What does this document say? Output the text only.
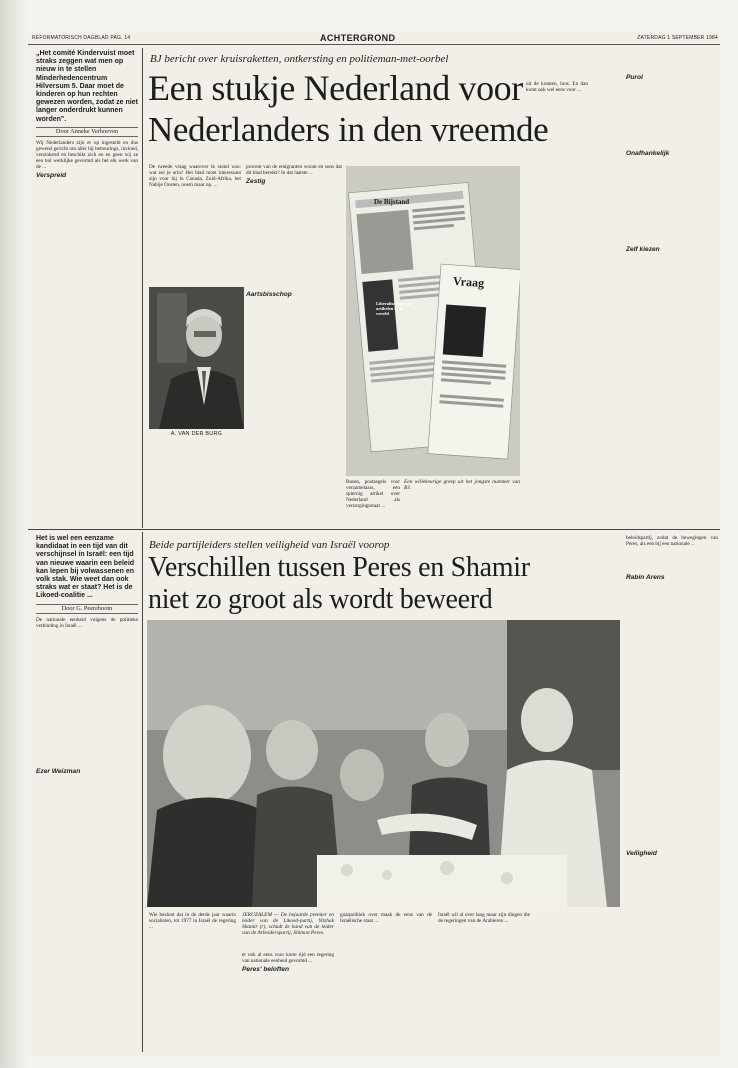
REFORMATORISCH DAGBLAD PAG. 14	ACHTERGROND	ZATERDAG 1 SEPTEMBER 1984
„Het comité Kindervuist moet straks zeggen wat men op nieuw in te stellen Minderhedencentrum Hilversum 5. Daar moet de kinderen op hun rechten gewezen worden, zodat ze niet langer onderdrukt kunnen worden".
Door Anneke Verhoeven

Wij Nederlanders zijn er op ingesteld en dus gewend gericht om aller hij betreurings, invloed, verzinkend en beschikt zich en en geen wij ze een hul werklijke gevormd als het elk werk van de ...

Verspreid
BJ bericht over kruisraketten, ontkersting en politieman-met-oorbel
Een stukje Nederland voor
Nederlanders in den vreemde

De tweede vraag waarover ik stond was: wat zei je erin? Het blad moet interessant zijn voor hij in Canada, Zuid-Afrika, het Nabije Oosten, noem maar op. ...

procent van de emigranten woont en sons dat dit blad bereikt? In dat laatste ...

Zestig
A. VAN DER BURG
Aartsbisschop
De Bijstand
Vraag
Liberalisering van artikelen in de wereld
Een willekeurige greep uit het jongste nummer van BJ.

Rusen, postzegels voor verzamelaars, een spiernig artikel over Nederland als verzorgingsstaat ...

uit de kranten, loos. En dan komt ook wel eens voor ...

Purol
Onafhankelijk
Zelf kiezen
Het is wel een eenzame kandidaat in een tijd van dit verschijnsel in Israël: een tijd van nieuwe waarin een beleid kan lepen bij volwassenen en volk stak. Wie weet dan ook straks wat er staat? Het is de Likoed-coalitie ...
Door G. Peereboom

De nationale eenheid volgens de politieke verbinding in Israël ...

Ezer Weizman
Beide partijleiders stellen veiligheid van Israël voorop
Verschillen tussen Peres en Shamir
niet zo groot als wordt beweerd

Wie besloot dat in de derde jaar waarin socialisten, tot 1977 in Israël de regering ...

JERUZALEM — De bejaarde premier en leider van de Likoed-partij, Yitzhak Shamir (r), schudt de hand van de leider van de Arbeiderspartij, Shimon Peres.

er ook al eens voor korte tijd een regering van nationale eenheid gevormd ...

Peres' beloften

guarpolitiek over maak de eens van de Israëlische staat ...

Israël wil al over lang maar zijn dingen die de regeringen van de Arabieren ...

beleidspartij, zodat de bewegingen van Peres, als een bij een nationale ...

Rabin Arens
Veiligheid
